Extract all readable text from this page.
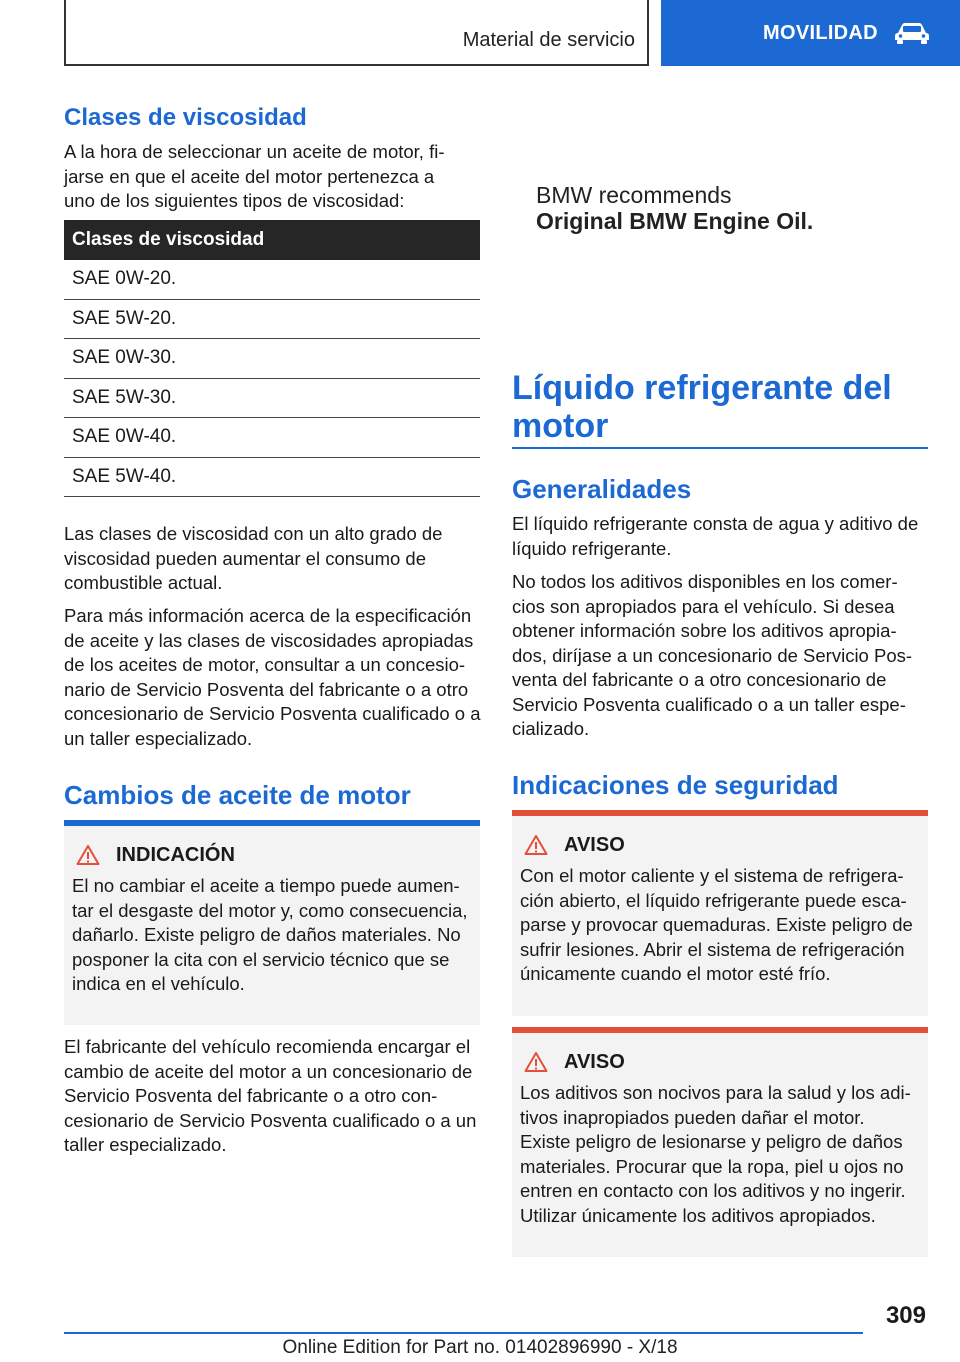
Material de servicio	MOVILIDAD
Clases de viscosidad
A la hora de seleccionar un aceite de motor, fijarse en que el aceite del motor pertenezca a uno de los siguientes tipos de viscosidad:
Clases de viscosidad
SAE 0W-20.
SAE 5W-20.
SAE 0W-30.
SAE 5W-30.
SAE 0W-40.
SAE 5W-40.
Las clases de viscosidad con un alto grado de viscosidad pueden aumentar el consumo de combustible actual.
Para más información acerca de la especificación de aceite y las clases de viscosidades apropiadas de los aceites de motor, consultar a un concesionario de Servicio Posventa del fabricante o a otro concesionario de Servicio Posventa cualificado o a un taller especializado.
Cambios de aceite de motor
INDICACIÓN
El no cambiar el aceite a tiempo puede aumentar el desgaste del motor y, como consecuencia, dañarlo. Existe peligro de daños materiales. No posponer la cita con el servicio técnico que se indica en el vehículo.
El fabricante del vehículo recomienda encargar el cambio de aceite del motor a un concesionario de Servicio Posventa del fabricante o a otro concesionario de Servicio Posventa cualificado o a un taller especializado.
BMW recommends
Original BMW Engine Oil.
Líquido refrigerante del motor
Generalidades
El líquido refrigerante consta de agua y aditivo de líquido refrigerante.
No todos los aditivos disponibles en los comercios son apropiados para el vehículo. Si desea obtener información sobre los aditivos apropiados, diríjase a un concesionario de Servicio Posventa del fabricante o a otro concesionario de Servicio Posventa cualificado o a un taller especializado.
Indicaciones de seguridad
AVISO
Con el motor caliente y el sistema de refrigeración abierto, el líquido refrigerante puede escaparse y provocar quemaduras. Existe peligro de sufrir lesiones. Abrir el sistema de refrigeración únicamente cuando el motor esté frío.
AVISO
Los aditivos son nocivos para la salud y los aditivos inapropiados pueden dañar el motor. Existe peligro de lesionarse y peligro de daños materiales. Procurar que la ropa, piel u ojos no entren en contacto con los aditivos y no ingerir. Utilizar únicamente los aditivos apropiados.
309
Online Edition for Part no. 01402896990 - X/18
